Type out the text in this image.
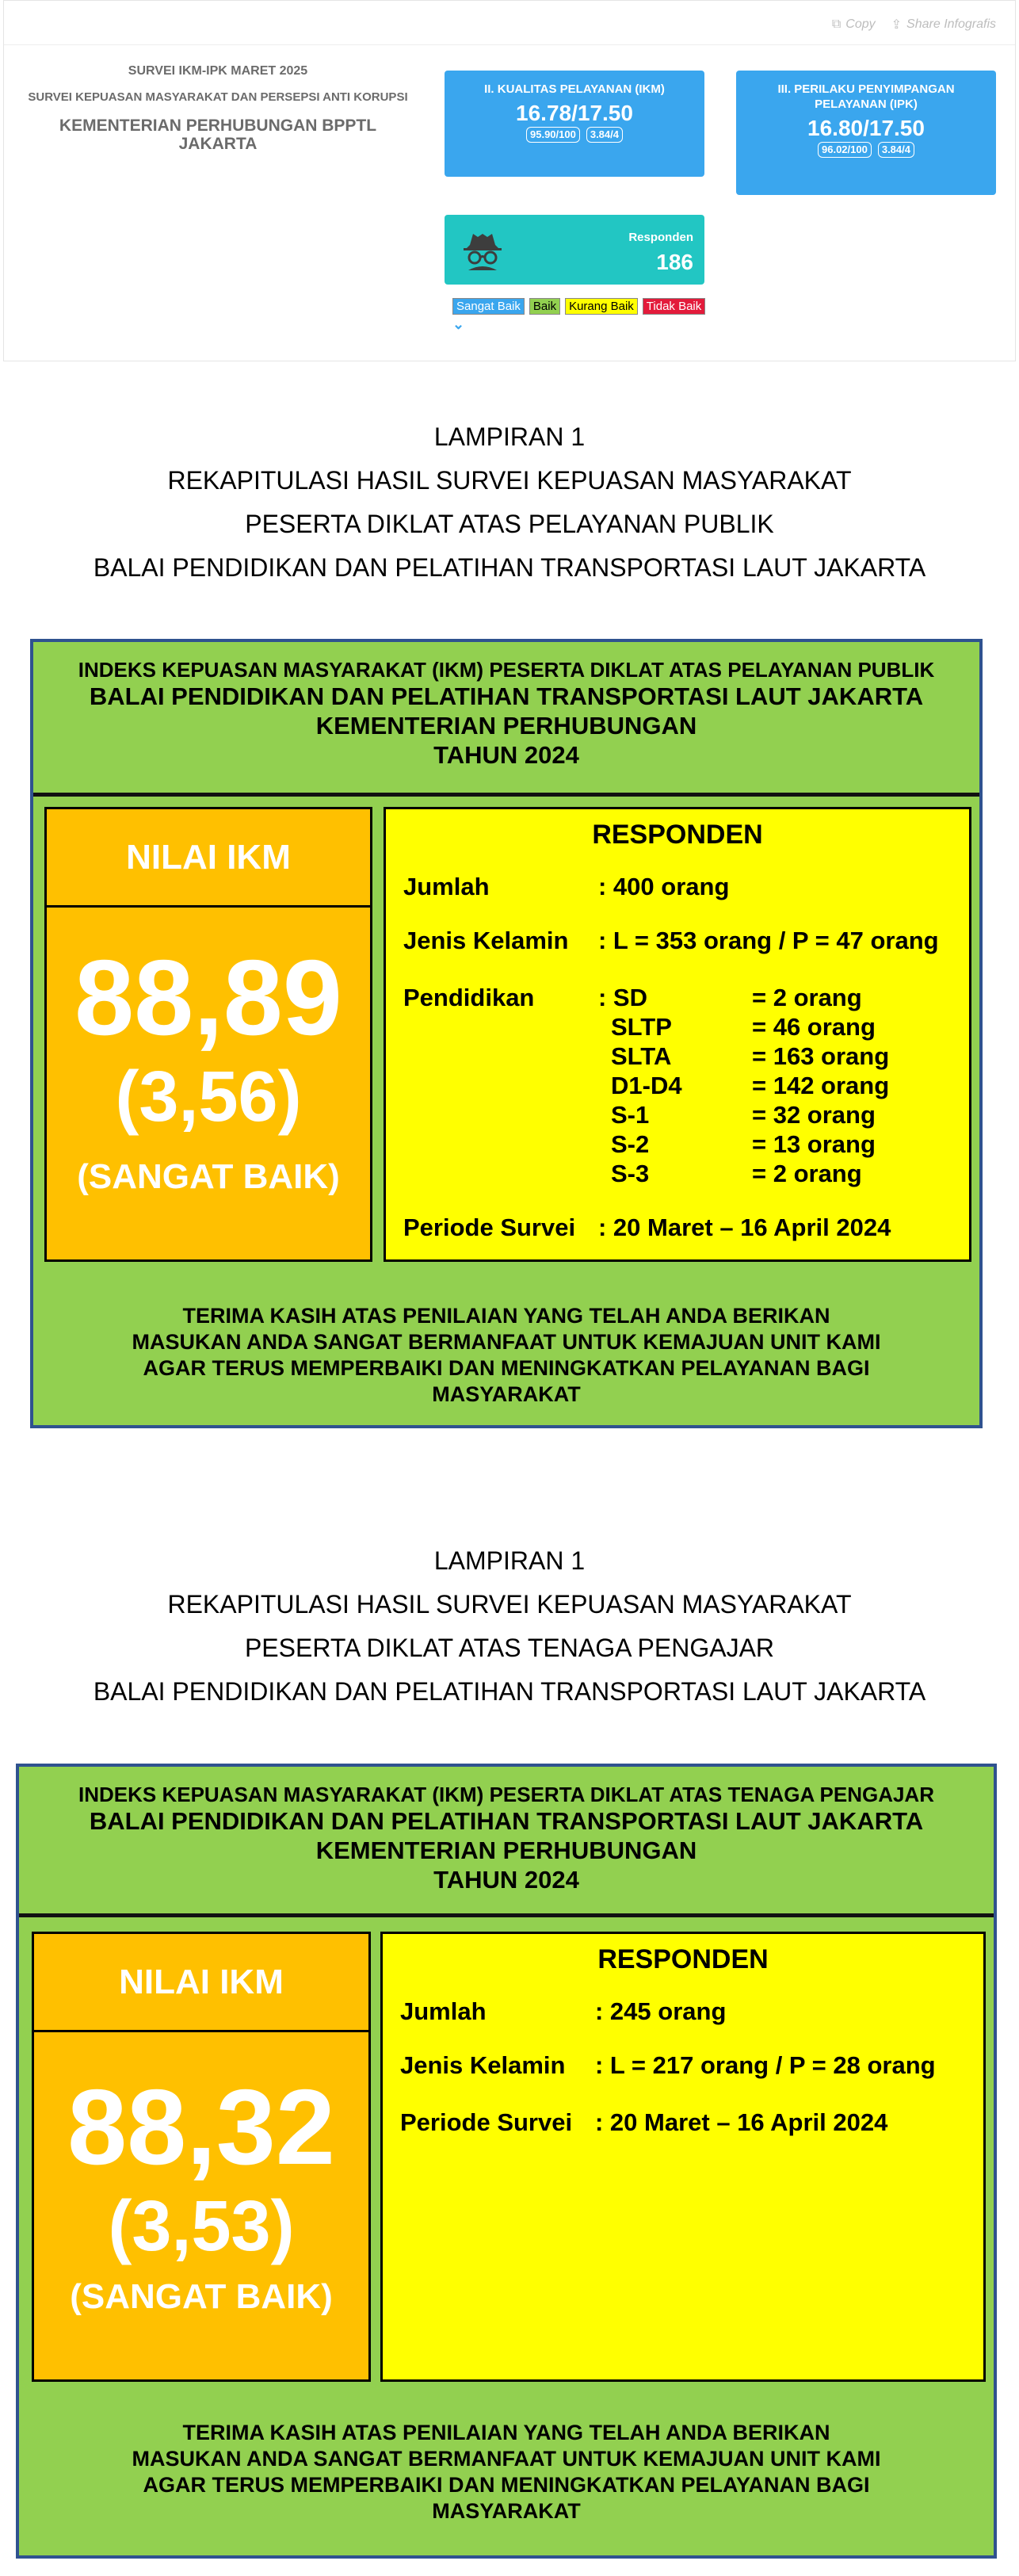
⧉ Copy ⇪ Share Infografis
SURVEI IKM-IPK MARET 2025
SURVEI KEPUASAN MASYARAKAT DAN PERSEPSI ANTI KORUPSI
KEMENTERIAN PERHUBUNGAN BPPTL JAKARTA
II. KUALITAS PELAYANAN (IKM)
16.78/17.50
95.90/100	3.84/4
III. PERILAKU PENYIMPANGAN PELAYANAN (IPK)
16.80/17.50
96.02/100	3.84/4
Responden
186
Sangat Baik	Baik	Kurang Baik	Tidak Baik
⌄
LAMPIRAN 1
REKAPITULASI HASIL SURVEI KEPUASAN MASYARAKAT
PESERTA DIKLAT ATAS PELAYANAN PUBLIK
BALAI PENDIDIKAN DAN PELATIHAN TRANSPORTASI LAUT JAKARTA
INDEKS KEPUASAN MASYARAKAT (IKM) PESERTA DIKLAT ATAS PELAYANAN PUBLIK
BALAI PENDIDIKAN DAN PELATIHAN TRANSPORTASI LAUT JAKARTA
KEMENTERIAN PERHUBUNGAN
TAHUN 2024
NILAI IKM
88,89
(3,56)
(SANGAT BAIK)
RESPONDEN
Jumlah	: 400 orang
Jenis Kelamin : L = 353 orang / P = 47 orang
Pendidikan	: SD	= 2 orang
SLTP	= 46 orang
SLTA	= 163 orang
D1-D4	= 142 orang
S-1	= 32 orang
S-2	= 13 orang
S-3	= 2 orang
Periode Survei : 20 Maret – 16 April 2024
TERIMA KASIH ATAS PENILAIAN YANG TELAH ANDA BERIKAN
MASUKAN ANDA SANGAT BERMANFAAT UNTUK KEMAJUAN UNIT KAMI
AGAR TERUS MEMPERBAIKI DAN MENINGKATKAN PELAYANAN BAGI
MASYARAKAT
LAMPIRAN 1
REKAPITULASI HASIL SURVEI KEPUASAN MASYARAKAT
PESERTA DIKLAT ATAS TENAGA PENGAJAR
BALAI PENDIDIKAN DAN PELATIHAN TRANSPORTASI LAUT JAKARTA
INDEKS KEPUASAN MASYARAKAT (IKM) PESERTA DIKLAT ATAS TENAGA PENGAJAR
BALAI PENDIDIKAN DAN PELATIHAN TRANSPORTASI LAUT JAKARTA
KEMENTERIAN PERHUBUNGAN
TAHUN 2024
NILAI IKM
88,32
(3,53)
(SANGAT BAIK)
RESPONDEN
Jumlah	: 245 orang
Jenis Kelamin : L = 217 orang / P = 28 orang
Periode Survei : 20 Maret – 16 April 2024
TERIMA KASIH ATAS PENILAIAN YANG TELAH ANDA BERIKAN
MASUKAN ANDA SANGAT BERMANFAAT UNTUK KEMAJUAN UNIT KAMI
AGAR TERUS MEMPERBAIKI DAN MENINGKATKAN PELAYANAN BAGI
MASYARAKAT
